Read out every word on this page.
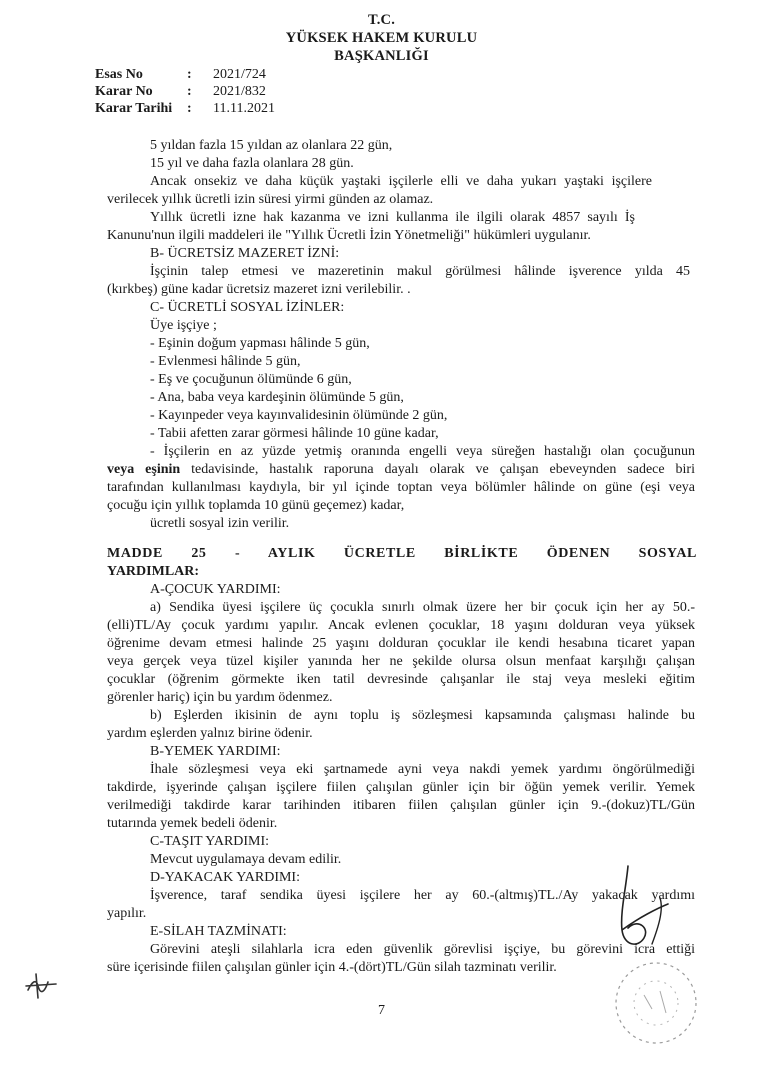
T.C.
YÜKSEK HAKEM KURULU
BAŞKANLIĞI
Esas No	: 2021/724
Karar No : 2021/832
Karar Tarihi : 11.11.2021
5 yıldan fazla 15 yıldan az olanlara 22 gün,
15 yıl ve daha fazla olanlara 28 gün.
Ancak onsekiz ve daha küçük yaştaki işçilerle elli ve daha yukarı yaştaki işçilere
verilecek yıllık ücretli izin süresi yirmi günden az olamaz.
Yıllık ücretli izne hak kazanma ve izni kullanma ile ilgili olarak 4857 sayılı İş
Kanunu'nun ilgili maddeleri ile "Yıllık Ücretli İzin Yönetmeliği" hükümleri uygulanır.
B- ÜCRETSİZ MAZERET İZNİ:
İşçinin talep etmesi ve mazeretinin makul görülmesi hâlinde işverence yılda 45
(kırkbeş) güne kadar ücretsiz mazeret izni verilebilir. .
C- ÜCRETLİ SOSYAL İZİNLER:
Üye işçiye ;
- Eşinin doğum yapması hâlinde 5 gün,
- Evlenmesi hâlinde 5 gün,
- Eş ve çocuğunun ölümünde 6 gün,
- Ana, baba veya kardeşinin ölümünde 5 gün,
- Kayınpeder veya kayınvalidesinin ölümünde 2 gün,
- Tabii afetten zarar görmesi hâlinde 10 güne kadar,
- İşçilerin en az yüzde yetmiş oranında engelli veya süreğen hastalığı olan çocuğunun
veya eşinin tedavisinde, hastalık raporuna dayalı olarak ve çalışan ebeveynden sadece biri
tarafından kullanılması kaydıyla, bir yıl içinde toptan veya bölümler hâlinde on güne (eşi veya
çocuğu için yıllık toplamda 10 günü geçemez) kadar,
ücretli sosyal izin verilir.
MADDE 25 - AYLIK ÜCRETLE BİRLİKTE ÖDENEN SOSYAL
YARDIMLAR:
A-ÇOCUK YARDIMI:
a) Sendika üyesi işçilere üç çocukla sınırlı olmak üzere her bir çocuk için her ay 50.-
(elli)TL/Ay çocuk yardımı yapılır. Ancak evlenen çocuklar, 18 yaşını dolduran veya yüksek
öğrenime devam etmesi halinde 25 yaşını dolduran çocuklar ile kendi hesabına ticaret yapan
veya gerçek veya tüzel kişiler yanında her ne şekilde olursa olsun menfaat karşılığı çalışan
çocuklar (öğrenim görmekte iken tatil devresinde çalışanlar ile staj veya mesleki eğitim
görenler hariç) için bu yardım ödenmez.
b) Eşlerden ikisinin de aynı toplu iş sözleşmesi kapsamında çalışması halinde bu
yardım eşlerden yalnız birine ödenir.
B-YEMEK YARDIMI:
İhale sözleşmesi veya eki şartnamede ayni veya nakdi yemek yardımı öngörülmediği
takdirde, işyerinde çalışan işçilere fiilen çalışılan günler için bir öğün yemek verilir. Yemek
verilmediği takdirde karar tarihinden itibaren fiilen çalışılan günler için 9.-(dokuz)TL/Gün
tutarında yemek bedeli ödenir.
C-TAŞIT YARDIMI:
Mevcut uygulamaya devam edilir.
D-YAKACAK YARDIMI:
İşverence, taraf sendika üyesi işçilere her ay 60.-(altmış)TL./Ay yakacak yardımı
yapılır.
E-SİLAH TAZMİNATI:
Görevini ateşli silahlarla icra eden güvenlik görevlisi işçiye, bu görevini icra ettiği
süre içerisinde fiilen çalışılan günler için 4.-(dört)TL/Gün silah tazminatı verilir.
7
